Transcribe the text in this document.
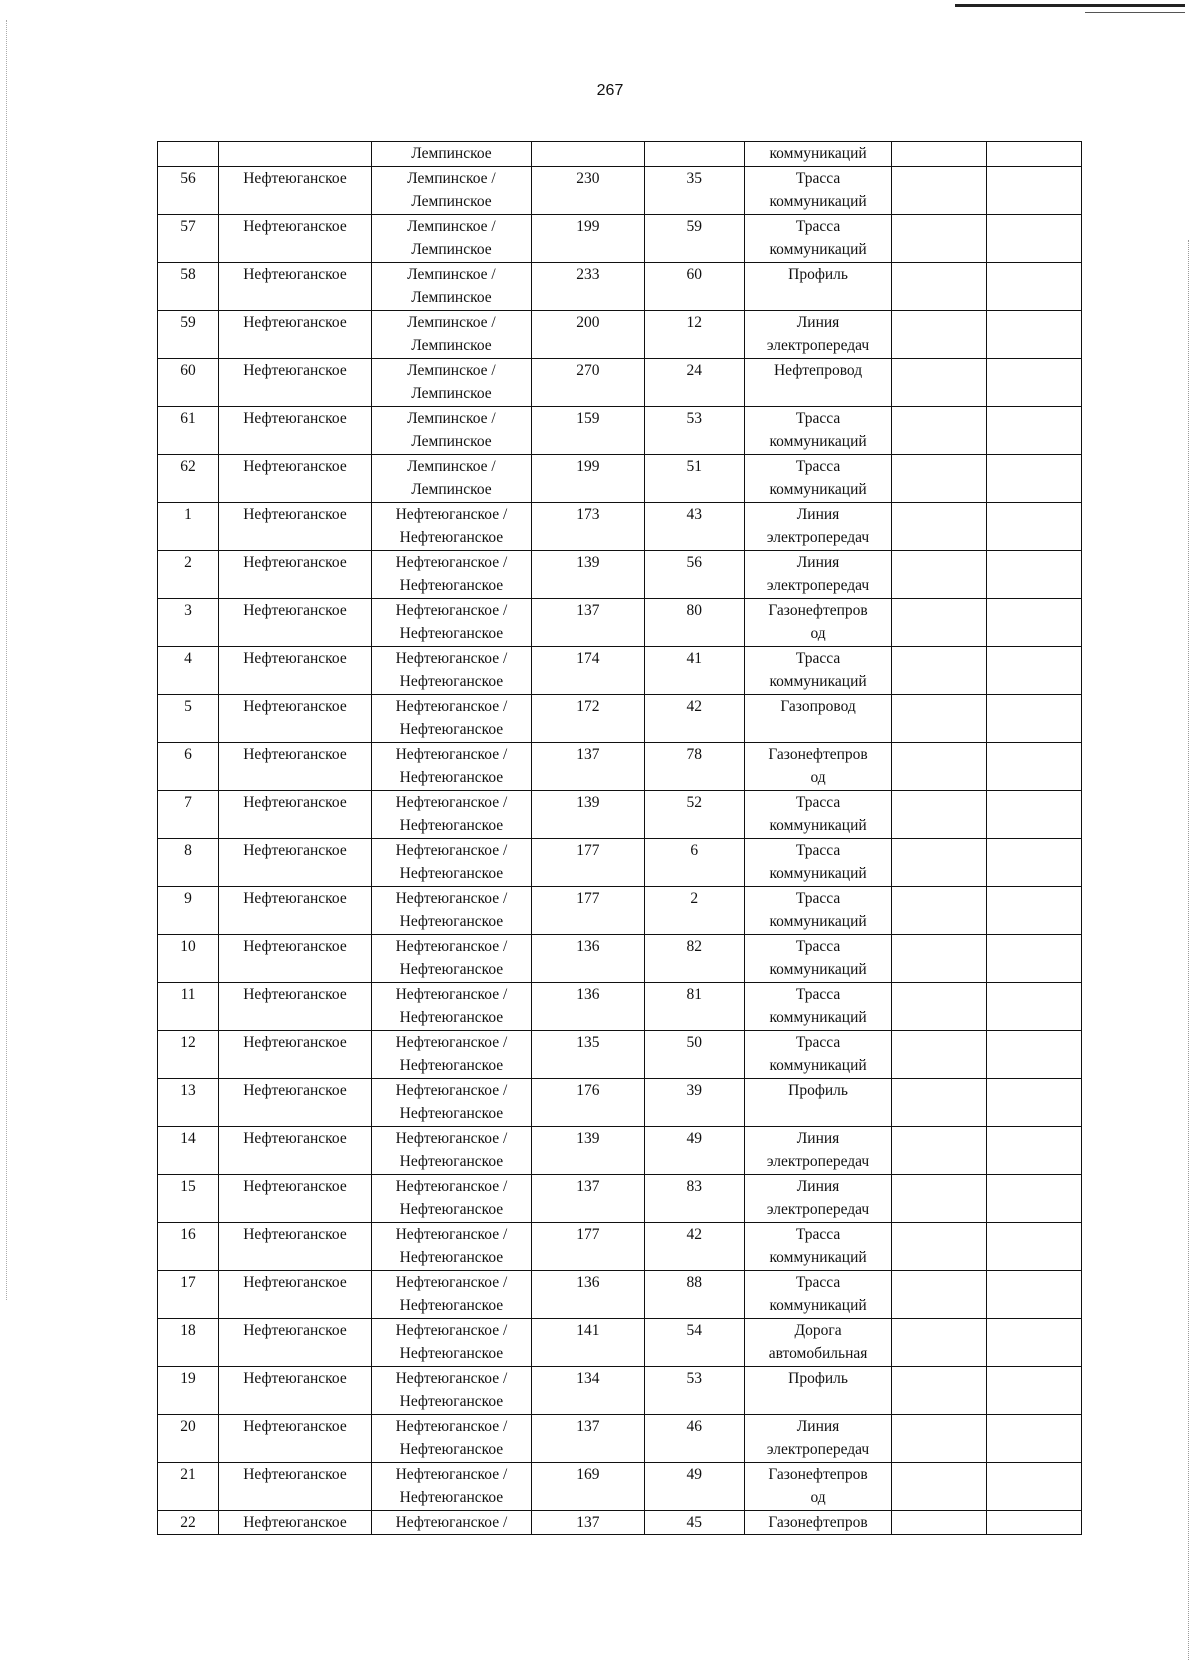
267
		Лемпинское			коммуникаций		
56	Нефтеюганское	Лемпинское /
Лемпинское	230	35	Трасса
коммуникаций		

57	Нефтеюганское	Лемпинское /
Лемпинское	199	59	Трасса
коммуникаций		

58	Нефтеюганское	Лемпинское /
Лемпинское	233	60	Профиль		

59	Нефтеюганское	Лемпинское /
Лемпинское	200	12	Линия
электропередач		

60	Нефтеюганское	Лемпинское /
Лемпинское	270	24	Нефтепровод		

61	Нефтеюганское	Лемпинское /
Лемпинское	159	53	Трасса
коммуникаций		

62	Нефтеюганское	Лемпинское /
Лемпинское	199	51	Трасса
коммуникаций		

1	Нефтеюганское	Нефтеюганское /
Нефтеюганское	173	43	Линия
электропередач		

2	Нефтеюганское	Нефтеюганское /
Нефтеюганское	139	56	Линия
электропередач		

3	Нефтеюганское	Нефтеюганское /
Нефтеюганское	137	80	Газонефтепров
од		

4	Нефтеюганское	Нефтеюганское /
Нефтеюганское	174	41	Трасса
коммуникаций		

5	Нефтеюганское	Нефтеюганское /
Нефтеюганское	172	42	Газопровод		

6	Нефтеюганское	Нефтеюганское /
Нефтеюганское	137	78	Газонефтепров
од		

7	Нефтеюганское	Нефтеюганское /
Нефтеюганское	139	52	Трасса
коммуникаций		

8	Нефтеюганское	Нефтеюганское /
Нефтеюганское	177	6	Трасса
коммуникаций		

9	Нефтеюганское	Нефтеюганское /
Нефтеюганское	177	2	Трасса
коммуникаций		

10	Нефтеюганское	Нефтеюганское /
Нефтеюганское	136	82	Трасса
коммуникаций		

11	Нефтеюганское	Нефтеюганское /
Нефтеюганское	136	81	Трасса
коммуникаций		

12	Нефтеюганское	Нефтеюганское /
Нефтеюганское	135	50	Трасса
коммуникаций		

13	Нефтеюганское	Нефтеюганское /
Нефтеюганское	176	39	Профиль		

14	Нефтеюганское	Нефтеюганское /
Нефтеюганское	139	49	Линия
электропередач		

15	Нефтеюганское	Нефтеюганское /
Нефтеюганское	137	83	Линия
электропередач		

16	Нефтеюганское	Нефтеюганское /
Нефтеюганское	177	42	Трасса
коммуникаций		

17	Нефтеюганское	Нефтеюганское /
Нефтеюганское	136	88	Трасса
коммуникаций		

18	Нефтеюганское	Нефтеюганское /
Нефтеюганское	141	54	Дорога
автомобильная		

19	Нефтеюганское	Нефтеюганское /
Нефтеюганское	134	53	Профиль		

20	Нефтеюганское	Нефтеюганское /
Нефтеюганское	137	46	Линия
электропередач		

21	Нефтеюганское	Нефтеюганское /
Нефтеюганское	169	49	Газонефтепров
од		

22	Нефтеюганское	Нефтеюганское /	137	45	Газонефтепров		
